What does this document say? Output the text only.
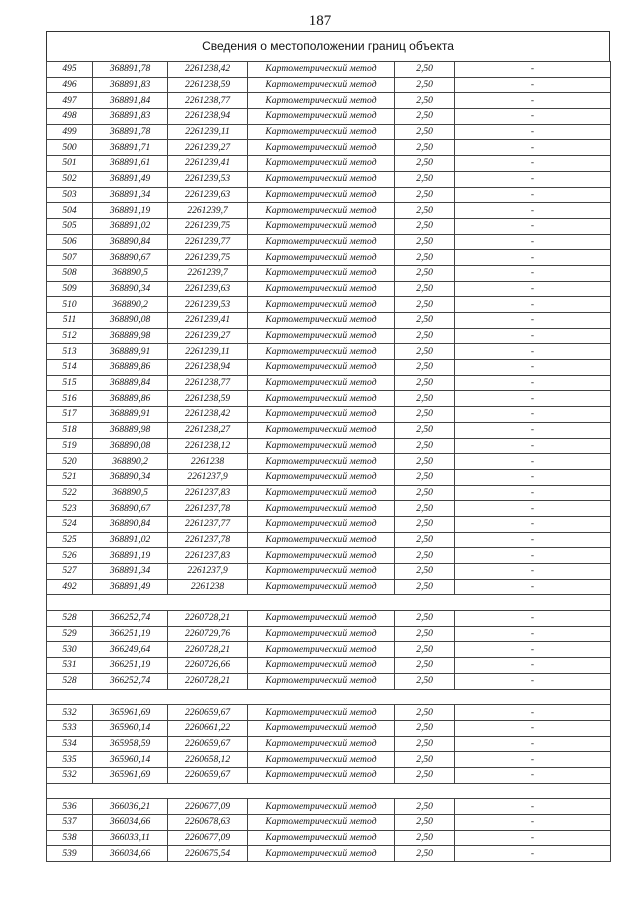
187
Сведения о местоположении границ объекта
495	368891,78	2261238,42	Картометрический метод	2,50	-
496	368891,83	2261238,59	Картометрический метод	2,50	-
497	368891,84	2261238,77	Картометрический метод	2,50	-
498	368891,83	2261238,94	Картометрический метод	2,50	-
499	368891,78	2261239,11	Картометрический метод	2,50	-
500	368891,71	2261239,27	Картометрический метод	2,50	-
501	368891,61	2261239,41	Картометрический метод	2,50	-
502	368891,49	2261239,53	Картометрический метод	2,50	-
503	368891,34	2261239,63	Картометрический метод	2,50	-
504	368891,19	2261239,7	Картометрический метод	2,50	-
505	368891,02	2261239,75	Картометрический метод	2,50	-
506	368890,84	2261239,77	Картометрический метод	2,50	-
507	368890,67	2261239,75	Картометрический метод	2,50	-
508	368890,5	2261239,7	Картометрический метод	2,50	-
509	368890,34	2261239,63	Картометрический метод	2,50	-
510	368890,2	2261239,53	Картометрический метод	2,50	-
511	368890,08	2261239,41	Картометрический метод	2,50	-
512	368889,98	2261239,27	Картометрический метод	2,50	-
513	368889,91	2261239,11	Картометрический метод	2,50	-
514	368889,86	2261238,94	Картометрический метод	2,50	-
515	368889,84	2261238,77	Картометрический метод	2,50	-
516	368889,86	2261238,59	Картометрический метод	2,50	-
517	368889,91	2261238,42	Картометрический метод	2,50	-
518	368889,98	2261238,27	Картометрический метод	2,50	-
519	368890,08	2261238,12	Картометрический метод	2,50	-
520	368890,2	2261238	Картометрический метод	2,50	-
521	368890,34	2261237,9	Картометрический метод	2,50	-
522	368890,5	2261237,83	Картометрический метод	2,50	-
523	368890,67	2261237,78	Картометрический метод	2,50	-
524	368890,84	2261237,77	Картометрический метод	2,50	-
525	368891,02	2261237,78	Картометрический метод	2,50	-
526	368891,19	2261237,83	Картометрический метод	2,50	-
527	368891,34	2261237,9	Картометрический метод	2,50	-
492	368891,49	2261238	Картометрический метод	2,50	-

528	366252,74	2260728,21	Картометрический метод	2,50	-
529	366251,19	2260729,76	Картометрический метод	2,50	-
530	366249,64	2260728,21	Картометрический метод	2,50	-
531	366251,19	2260726,66	Картометрический метод	2,50	-
528	366252,74	2260728,21	Картометрический метод	2,50	-

532	365961,69	2260659,67	Картометрический метод	2,50	-
533	365960,14	2260661,22	Картометрический метод	2,50	-
534	365958,59	2260659,67	Картометрический метод	2,50	-
535	365960,14	2260658,12	Картометрический метод	2,50	-
532	365961,69	2260659,67	Картометрический метод	2,50	-

536	366036,21	2260677,09	Картометрический метод	2,50	-
537	366034,66	2260678,63	Картометрический метод	2,50	-
538	366033,11	2260677,09	Картометрический метод	2,50	-
539	366034,66	2260675,54	Картометрический метод	2,50	-
